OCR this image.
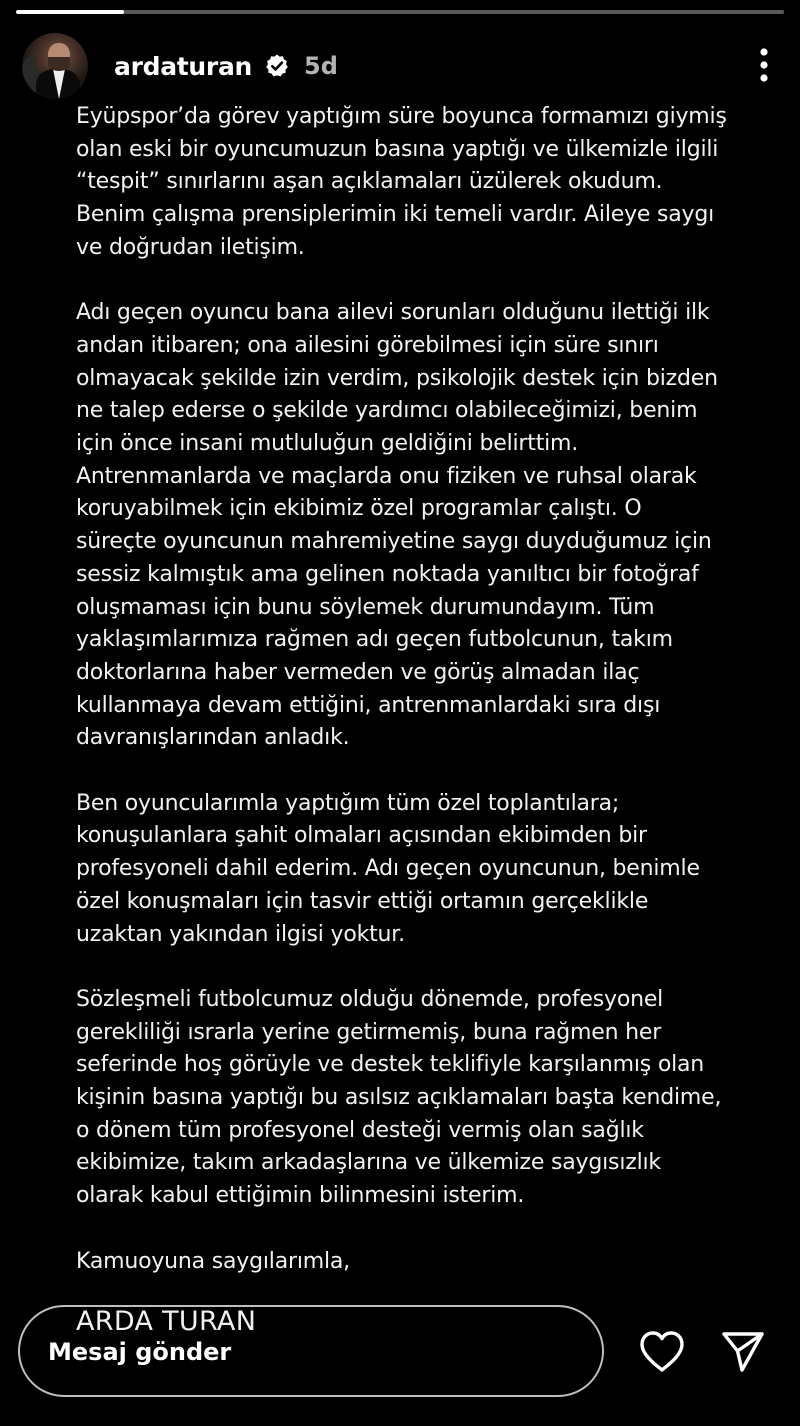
ardaturan 5d

Eyüpspor’da görev yaptığım süre boyunca formamızı giymiş
olan eski bir oyuncumuzun basına yaptığı ve ülkemizle ilgili
“tespit” sınırlarını aşan açıklamaları üzülerek okudum.
Benim çalışma prensiplerimin iki temeli vardır. Aileye saygı
ve doğrudan iletişim.

Adı geçen oyuncu bana ailevi sorunları olduğunu ilettiği ilk
andan itibaren; ona ailesini görebilmesi için süre sınırı
olmayacak şekilde izin verdim, psikolojik destek için bizden
ne talep ederse o şekilde yardımcı olabileceğimizi, benim
için önce insani mutluluğun geldiğini belirttim.
Antrenmanlarda ve maçlarda onu fiziken ve ruhsal olarak
koruyabilmek için ekibimiz özel programlar çalıştı. O
süreçte oyuncunun mahremiyetine saygı duyduğumuz için
sessiz kalmıştık ama gelinen noktada yanıltıcı bir fotoğraf
oluşmaması için bunu söylemek durumundayım. Tüm
yaklaşımlarımıza rağmen adı geçen futbolcunun, takım
doktorlarına haber vermeden ve görüş almadan ilaç
kullanmaya devam ettiğini, antrenmanlardaki sıra dışı
davranışlarından anladık.

Ben oyuncularımla yaptığım tüm özel toplantılara;
konuşulanlara şahit olmaları açısından ekibimden bir
profesyoneli dahil ederim. Adı geçen oyuncunun, benimle
özel konuşmaları için tasvir ettiği ortamın gerçeklikle
uzaktan yakından ilgisi yoktur.

Sözleşmeli futbolcumuz olduğu dönemde, profesyonel
gerekliliği ısrarla yerine getirmemiş, buna rağmen her
seferinde hoş görüyle ve destek teklifiyle karşılanmış olan
kişinin basına yaptığı bu asılsız açıklamaları başta kendime,
o dönem tüm profesyonel desteği vermiş olan sağlık
ekibimize, takım arkadaşlarına ve ülkemize saygısızlık
olarak kabul ettiğimin bilinmesini isterim.

Kamuoyuna saygılarımla,

ARDA TURAN
Mesaj gönder
